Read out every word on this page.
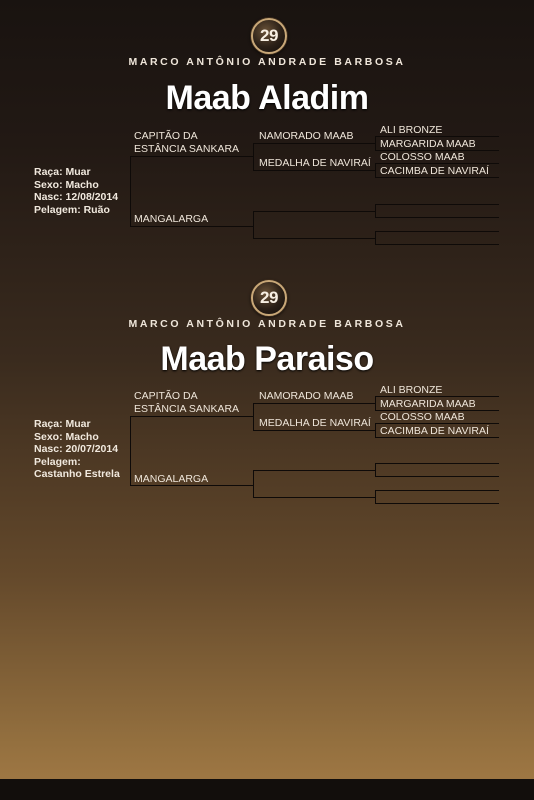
29
MARCO ANTÔNIO ANDRADE BARBOSA
Maab Aladim
Raça: Muar
Sexo: Macho
Nasc: 12/08/2014
Pelagem: Ruão
CAPITÃO DA
ESTÂNCIA SANKARA
MANGALARGA
NAMORADO MAAB
MEDALHA DE NAVIRAÍ
ALI BRONZE
MARGARIDA MAAB
COLOSSO MAAB
CACIMBA DE NAVIRAÍ
29
MARCO ANTÔNIO ANDRADE BARBOSA
Maab Paraiso
Raça: Muar
Sexo: Macho
Nasc: 20/07/2014
Pelagem:
Castanho Estrela
CAPITÃO DA
ESTÂNCIA SANKARA
MANGALARGA
NAMORADO MAAB
MEDALHA DE NAVIRAÍ
ALI BRONZE
MARGARIDA MAAB
COLOSSO MAAB
CACIMBA DE NAVIRAÍ
